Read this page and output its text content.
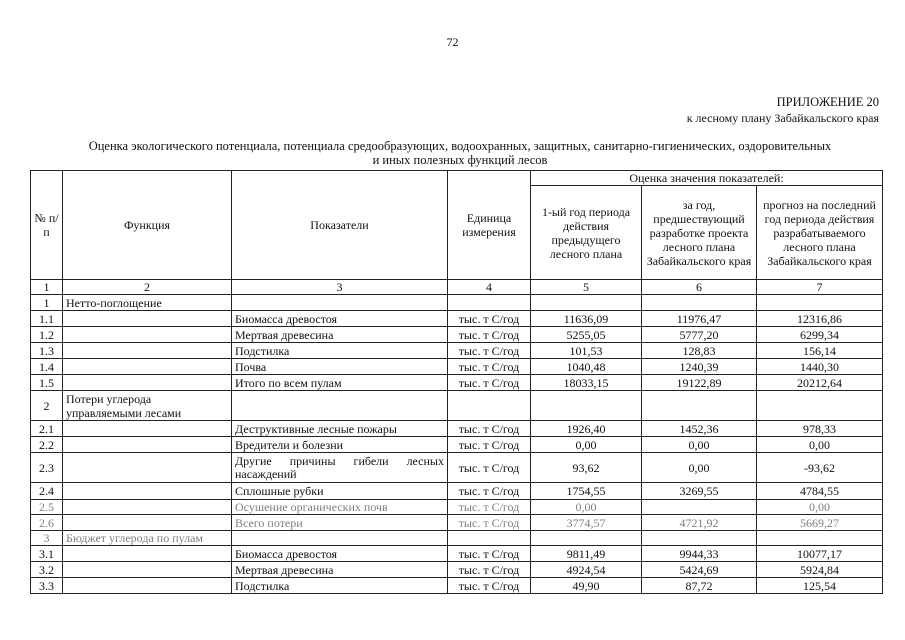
72
ПРИЛОЖЕНИЕ 20
к лесному плану Забайкальского края
Оценка экологического потенциала, потенциала средообразующих, водоохранных, защитных, санитарно-гигиенических, оздоровительных
и иных полезных функций лесов
№ п/п	Функция	Показатели	Единица измерения	Оценка значения показателей:		
				1-ый год периода действия предыдущего лесного плана	за год, предшествующий разработке проекта лесного плана Забайкальского края	прогноз на последний год периода действия разрабатываемого лесного плана Забайкальского края
1	2	3	4	5	6	7
1	Нетто-поглощение					
1.1		Биомасса древостоя	тыс. т С/год	11636,09	11976,47	12316,86
1.2		Мертвая древесина	тыс. т С/год	5255,05	5777,20	6299,34
1.3		Подстилка	тыс. т С/год	101,53	128,83	156,14
1.4		Почва	тыс. т С/год	1040,48	1240,39	1440,30
1.5		Итого по всем пулам	тыс. т С/год	18033,15	19122,89	20212,64
2	Потери углерода управляемыми лесами					
2.1		Деструктивные лесные пожары	тыс. т С/год	1926,40	1452,36	978,33
2.2		Вредители и болезни	тыс. т С/год	0,00	0,00	0,00
2.3		Другие причины гибели лесных насаждений	тыс. т С/год	93,62	0,00	-93,62
2.4		Сплошные рубки	тыс. т С/год	1754,55	3269,55	4784,55
2.5		Осушение органических почв	тыс. т С/год	0,00		0,00
2.6		Всего потери	тыс. т С/год	3774,57	4721,92	5669,27
3	Бюджет углерода по пулам					
3.1		Биомасса древостоя	тыс. т С/год	9811,49	9944,33	10077,17
3.2		Мертвая древесина	тыс. т С/год	4924,54	5424,69	5924,84
3.3		Подстилка	тыс. т С/год	49,90	87,72	125,54
